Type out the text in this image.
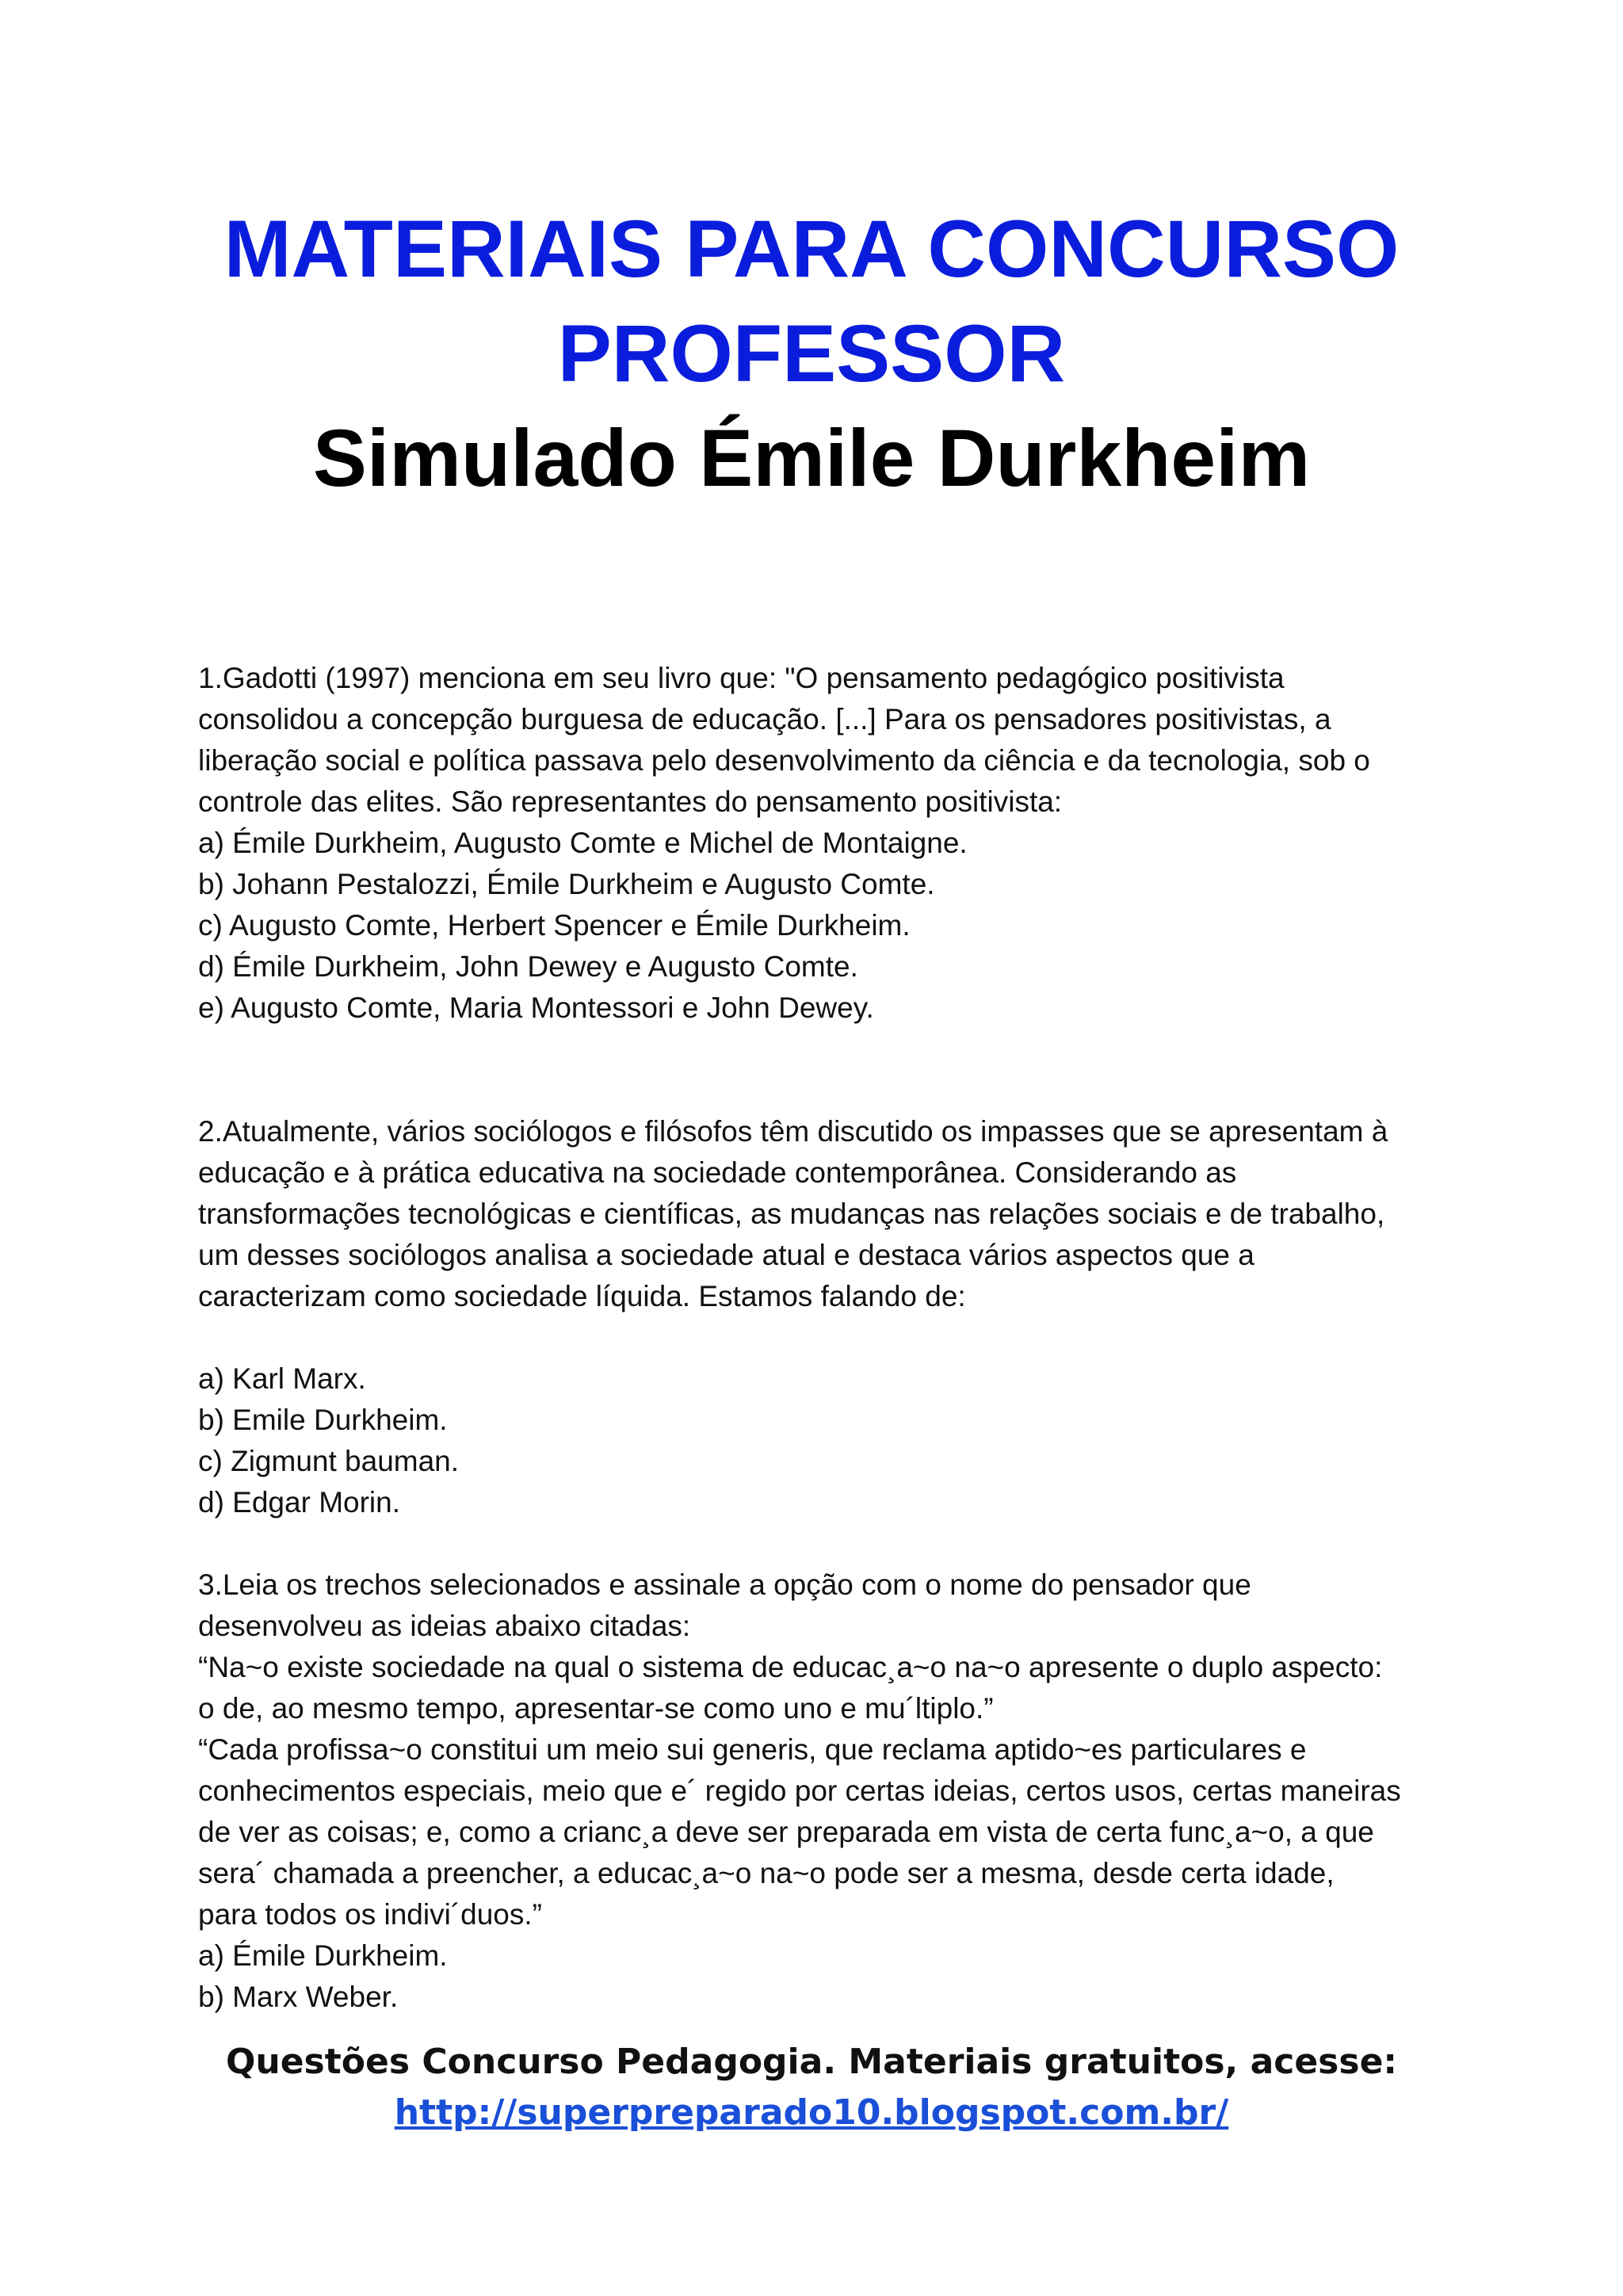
MATERIAIS PARA CONCURSO
PROFESSOR
Simulado Émile Durkheim
1.Gadotti (1997) menciona em seu livro que: "O pensamento pedagógico positivista
consolidou a concepção burguesa de educação. [...] Para os pensadores positivistas, a
liberação social e política passava pelo desenvolvimento da ciência e da tecnologia, sob o
controle das elites. São representantes do pensamento positivista:
a) Émile Durkheim, Augusto Comte e Michel de Montaigne.
b) Johann Pestalozzi, Émile Durkheim e Augusto Comte.
c) Augusto Comte, Herbert Spencer e Émile Durkheim.
d) Émile Durkheim, John Dewey e Augusto Comte.
e) Augusto Comte, Maria Montessori e John Dewey.
2.Atualmente, vários sociólogos e filósofos têm discutido os impasses que se apresentam à
educação e à prática educativa na sociedade contemporânea. Considerando as
transformações tecnológicas e científicas, as mudanças nas relações sociais e de trabalho,
um desses sociólogos analisa a sociedade atual e destaca vários aspectos que a
caracterizam como sociedade líquida. Estamos falando de:
a) Karl Marx.
b) Emile Durkheim.
c) Zigmunt bauman.
d) Edgar Morin.
3.Leia os trechos selecionados e assinale a opção com o nome do pensador que
desenvolveu as ideias abaixo citadas:
“Na~o existe sociedade na qual o sistema de educac¸a~o na~o apresente o duplo aspecto:
o de, ao mesmo tempo, apresentar-se como uno e mu´ltiplo.”
“Cada profissa~o constitui um meio sui generis, que reclama aptido~es particulares e
conhecimentos especiais, meio que e´ regido por certas ideias, certos usos, certas maneiras
de ver as coisas; e, como a crianc¸a deve ser preparada em vista de certa func¸a~o, a que
sera´ chamada a preencher, a educac¸a~o na~o pode ser a mesma, desde certa idade,
para todos os indivi´duos.”
a) Émile Durkheim.
b) Marx Weber.
Questões Concurso Pedagogia. Materiais gratuitos, acesse:
http://superpreparado10.blogspot.com.br/
